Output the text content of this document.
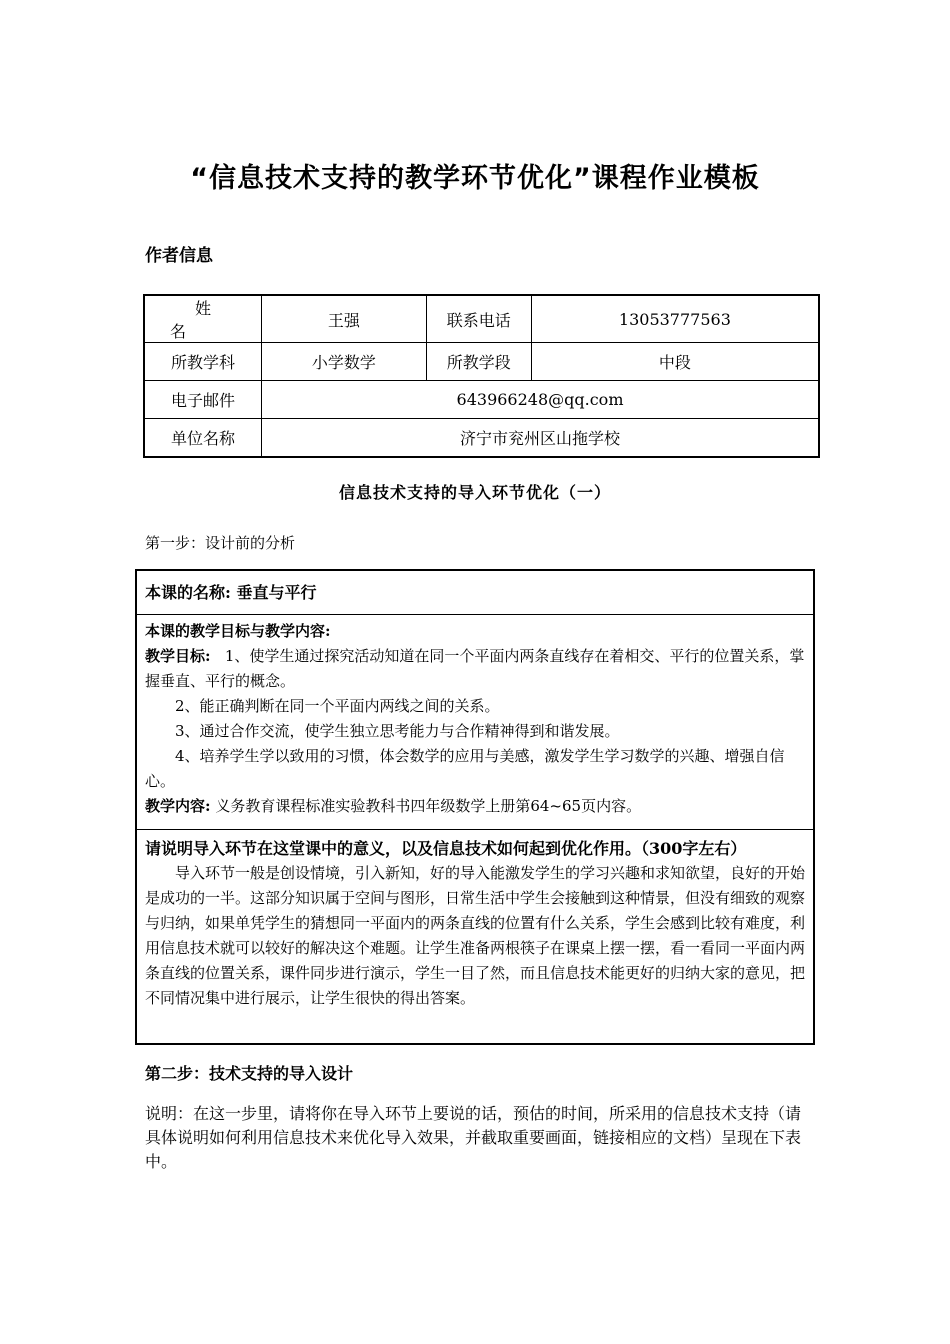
“信息技术支持的教学环节优化”课程作业模板
作者信息
姓名	王强	联系电话	13053777563
所教学科	小学数学	所教学段	中段
电子邮件	643966248@qq.com		
单位名称	济宁市兖州区山拖学校		
信息技术支持的导入环节优化（一）
第一步：设计前的分析
本课的名称: 垂直与平行

本课的教学目标与教学内容:

教学目标: 1、使学生通过探究活动知道在同一个平面内两条直线存在着相交、平行的位置关系，掌握垂直、平行的概念。

2、能正确判断在同一个平面内两线之间的关系。

3、通过合作交流，使学生独立思考能力与合作精神得到和谐发展。

4、培养学生学以致用的习惯，体会数学的应用与美感，激发学生学习数学的兴趣、增强自信心。

教学内容: 义务教育课程标准实验教科书四年级数学上册第64~65页内容。

请说明导入环节在这堂课中的意义，以及信息技术如何起到优化作用。（300字左右）

导入环节一般是创设情境，引入新知，好的导入能激发学生的学习兴趣和求知欲望，良好的开始是成功的一半。这部分知识属于空间与图形，日常生活中学生会接触到这种情景，但没有细致的观察与归纳，如果单凭学生的猜想同一平面内的两条直线的位置有什么关系，学生会感到比较有难度，利用信息技术就可以较好的解决这个难题。让学生准备两根筷子在课桌上摆一摆，看一看同一平面内两条直线的位置关系，课件同步进行演示，学生一目了然，而且信息技术能更好的归纳大家的意见，把不同情况集中进行展示，让学生很快的得出答案。

第二步：技术支持的导入设计
说明：在这一步里，请将你在导入环节上要说的话，预估的时间，所采用的信息技术支持（请具体说明如何利用信息技术来优化导入效果，并截取重要画面，链接相应的文档）呈现在下表中。
